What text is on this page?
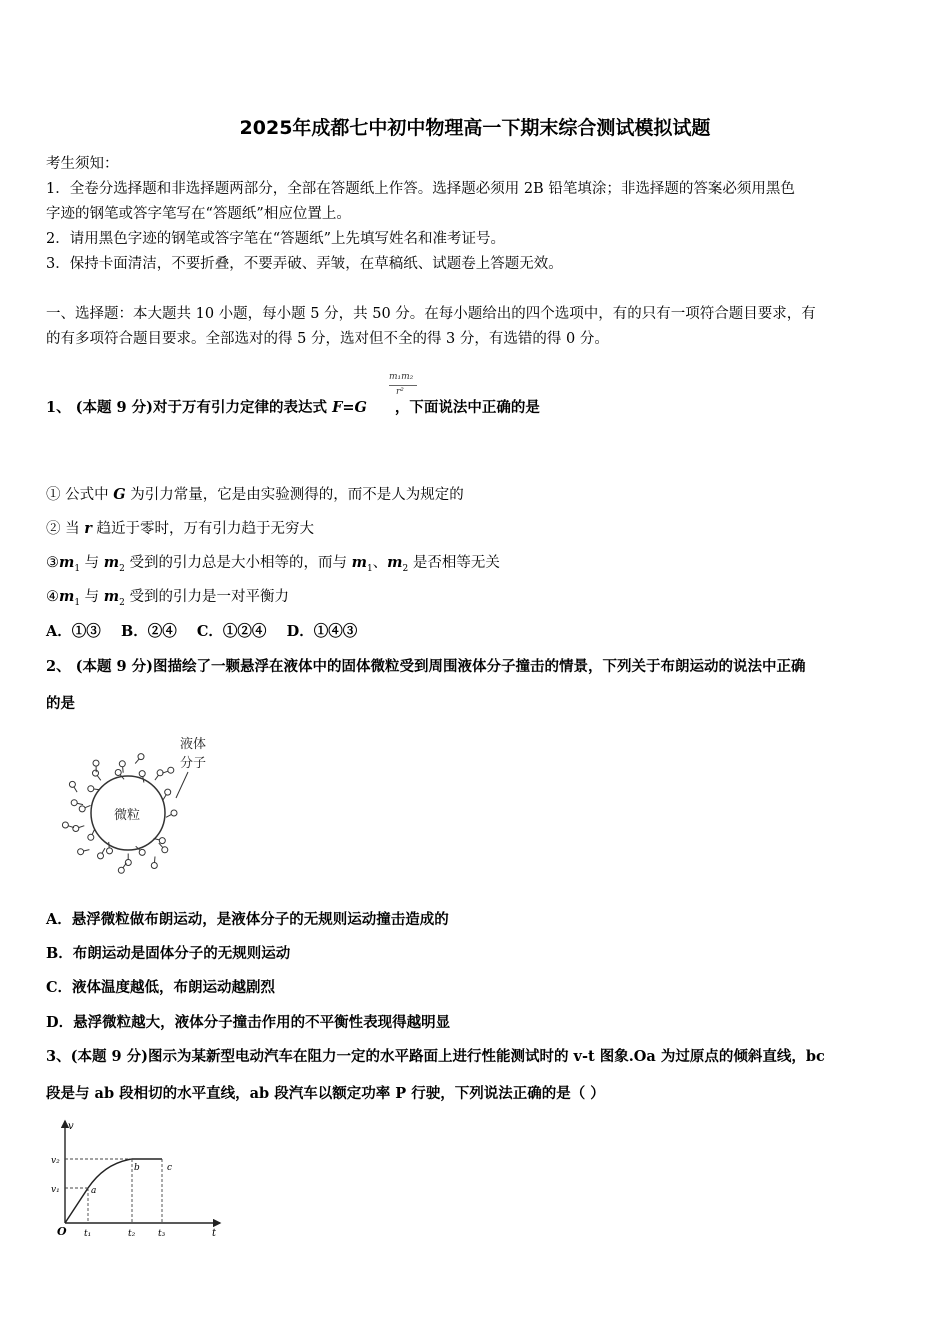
2025年成都七中初中物理高一下期末综合测试模拟试题
考生须知：
1．全卷分选择题和非选择题两部分，全部在答题纸上作答。选择题必须用 2B 铅笔填涂；非选择题的答案必须用黑色
字迹的钢笔或答字笔写在“答题纸”相应位置上。
2．请用黑色字迹的钢笔或答字笔在“答题纸”上先填写姓名和准考证号。
3．保持卡面清洁，不要折叠，不要弄破、弄皱，在草稿纸、试题卷上答题无效。
一、选择题：本大题共 10 小题，每小题 5 分，共 50 分。在每小题给出的四个选项中，有的只有一项符合题目要求，有
的有多项符合题目要求。全部选对的得 5 分，选对但不全的得 3 分，有选错的得 0 分。
1、 (本题 9 分)对于万有引力定律的表达式 F=G ，下面说法中正确的是
m₁m₂
r²
① 公式中 G 为引力常量，它是由实验测得的，而不是人为规定的
② 当 r 趋近于零时，万有引力趋于无穷大
$③m_1$ 与 $m_2$ 受到的引力总是大小相等的，而与 $m_1$、$m_2$ 是否相等无关
$④m_1$ 与 $m_2$ 受到的引力是一对平衡力
A．①③    B．②④    C．①②④    D．①④③
2、 (本题 9 分)图描绘了一颗悬浮在液体中的固体微粒受到周围液体分子撞击的情景，下列关于布朗运动的说法中正确
的是
微粒
液体
分子
A．悬浮微粒做布朗运动，是液体分子的无规则运动撞击造成的
B．布朗运动是固体分子的无规则运动
C．液体温度越低，布朗运动越剧烈
D．悬浮微粒越大，液体分子撞击作用的不平衡性表现得越明显
3、(本题 9 分)图示为某新型电动汽车在阻力一定的水平路面上进行性能测试时的 v-t 图象.Oa 为过原点的倾斜直线，bc
段是与 ab 段相切的水平直线，ab 段汽车以额定功率 P 行驶，下列说法正确的是（ ）
v
t
O
v₂
v₁
t₁	t₂	t₃
a
b	c
